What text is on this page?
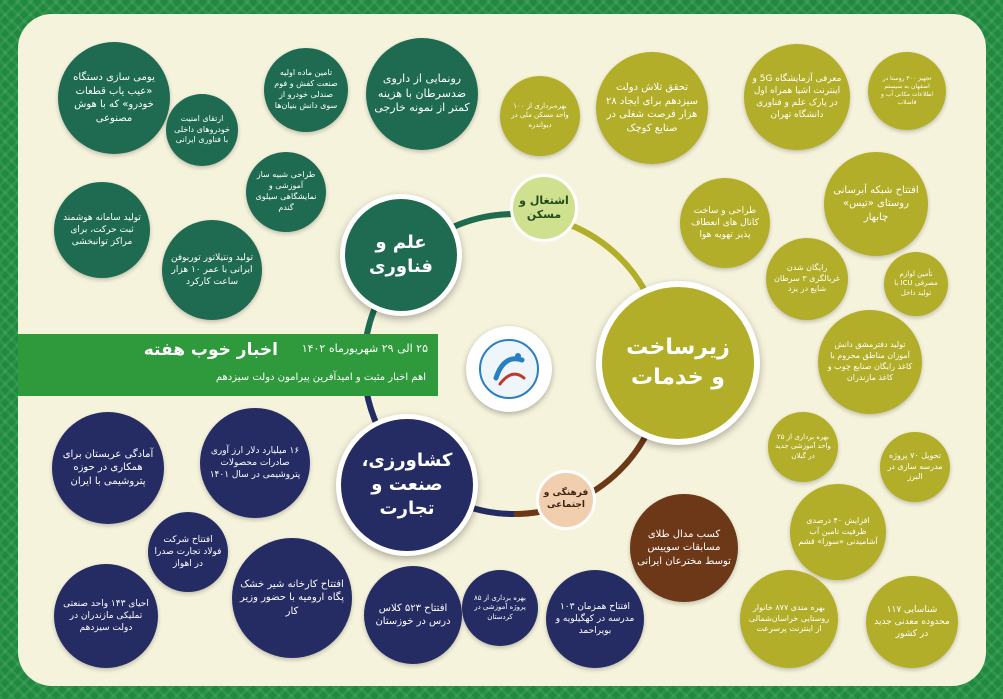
اخبار خوب هفته ۲۵ الی ۲۹ شهریورماه ۱۴۰۲
اهم اخبار مثبت و امیدآفرین پیرامون دولت سیزدهم
علم و فناوری
زیرساخت و خدمات
کشاورزی، صنعت و تجارت
اشتغال و مسکن
فرهنگی و اجتماعی
یومی سازی دستگاه «عیب یاب قطعات خودرو» که با هوش مصنوعی	ارتقای امنیت خودروهای داخلی با فناوری ایرانی
تامین ماده اولیه صنعت کفش و فوم صندلی خودرو از سوی دانش بنیان‌ها
رونمایی از داروی ضدسرطان با هزینه کمتر از نمونه خارجی
تولید سامانه هوشمند ثبت حرکت، برای مراکز توانبخشی
طراحی شبیه ساز آموزشی و نمایشگاهی سیلوی گندم
تولید ونتیلاتور توربوفن ایرانی با عمر ۱۰ هزار ساعت کارکرد
بهره‌برداری از ۱۰۰ واحد مسکن ملی در دیواندره
تحقق تلاش دولت سیزدهم برای ایجاد ۲۸ هزار فرصت شغلی در صنایع کوچک
معرفی آزمایشگاه 5G و اینترنت اشیا همراه اول در پارک علم و فناوری دانشگاه تهران
تجهیز ۳۰۰ روستا در اصفهان به سیستم اطلاعات مکانی آب و فاضلاب
افتتاح شبکه آبرسانی روستای «تیس» چابهار
طراحی و ساخت کانال های انعطاف پذیر تهویه هوا
رایگان شدن غربالگری ۳ سرطان شایع در یزد
تأمین لوازم مصرفی ICU با تولید داخل
تولید دفترمشق دانش آموزان مناطق محروم با کاغذ رایگان صنایع چوب و کاغذ مازندران
بهره برداری از ۲۵ واحد آموزشی جدید در گیلان	تحویل ۷۰ پروژه مدرسه سازی در البرز
افزایش ۴۰ درصدی ظرفیت تامین آب آشامیدنی «سوزا» قشم
بهره مندی ۸۷۷ خانوار روستایی خراسان‌شمالی از اینترنت پرسرعت
شناسایی ۱۱۷ محدوده معدنی جدید در کشور
کسب مدال طلای مسابقات سوییس توسط مخترعان ایرانی
افتتاح همزمان ۱۰۳ مدرسه در کهگیلویه و بویراحمد
بهره برداری از ۸۵ پروژه آموزشی در کردستان
آمادگی عربستان برای همکاری در حوزه پتروشیمی با ایران
۱۶ میلیارد دلار ارز آوری صادرات محصولات پتروشیمی در سال ۱۴۰۱
افتتاح شرکت فولاد تجارت صدرا در اهواز
احیای ۱۴۳ واحد صنعتی تملیکی مازندران در دولت سیزدهم
افتتاح کارخانه شیر خشک پگاه ارومیه با حضور وزیر کار	افتتاح ۵۲۳ کلاس درس در خوزستان
